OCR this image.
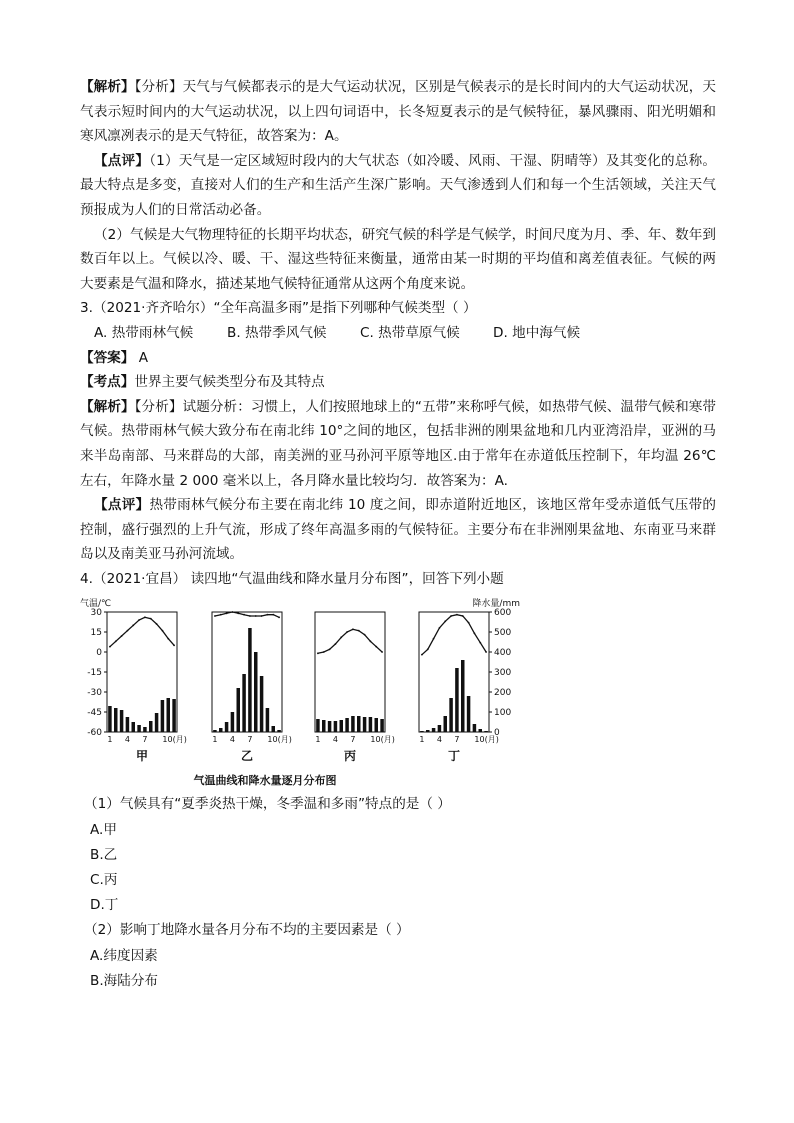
【解析】【分析】天气与气候都表示的是大气运动状况，区别是气候表示的是长时间内的大气运动状况，天气表示短时间内的大气运动状况，以上四句词语中，长冬短夏表示的是气候特征，暴风骤雨、阳光明媚和寒风凛冽表示的是天气特征，故答案为：A。

【点评】（1）天气是一定区域短时段内的大气状态（如冷暖、风雨、干湿、阴晴等）及其变化的总称。最大特点是多变，直接对人们的生产和生活产生深广影响。天气渗透到人们和每一个生活领域，关注天气预报成为人们的日常活动必备。

（2）气候是大气物理特征的长期平均状态，研究气候的科学是气候学，时间尺度为月、季、年、数年到数百年以上。气候以冷、暖、干、湿这些特征来衡量，通常由某一时期的平均值和离差值表征。气候的两大要素是气温和降水，描述某地气候特征通常从这两个角度来说。

3.（2021·齐齐哈尔）“全年高温多雨”是指下列哪种气候类型（ ）

A. 热带雨林气候	B. 热带季风气候	C. 热带草原气候	D. 地中海气候

【答案】 A

【考点】世界主要气候类型分布及其特点

【解析】【分析】试题分析：习惯上，人们按照地球上的“五带”来称呼气候，如热带气候、温带气候和寒带气候。热带雨林气候大致分布在南北纬 10°之间的地区，包括非洲的刚果盆地和几内亚湾沿岸，亚洲的马来半岛南部、马来群岛的大部，南美洲的亚马孙河平原等地区.由于常年在赤道低压控制下，年均温 26℃左右，年降水量 2 000 毫米以上，各月降水量比较均匀．故答案为：A.

【点评】热带雨林气候分布主要在南北纬 10 度之间，即赤道附近地区，该地区常年受赤道低气压带的控制，盛行强烈的上升气流，形成了终年高温多雨的气候特征。主要分布在非洲刚果盆地、东南亚马来群岛以及南美亚马孙河流域。

4.（2021·宜昌） 读四地“气温曲线和降水量月分布图”，回答下列小题

气温/℃	降水量/mm
30
15
0
-15
-30
-45
-60
600
500
400
300
200
100
0
1 4 7 10(月)
甲
1 4 7 10(月)
乙
1 4 7 10(月)
丙
1 4 7 10(月)
丁
气温曲线和降水量逐月分布图

（1）气候具有“夏季炎热干燥，冬季温和多雨”特点的是（ ）

A.甲

B.乙

C.丙

D.丁

（2）影响丁地降水量各月分布不均的主要因素是（ ）

A.纬度因素

B.海陆分布
